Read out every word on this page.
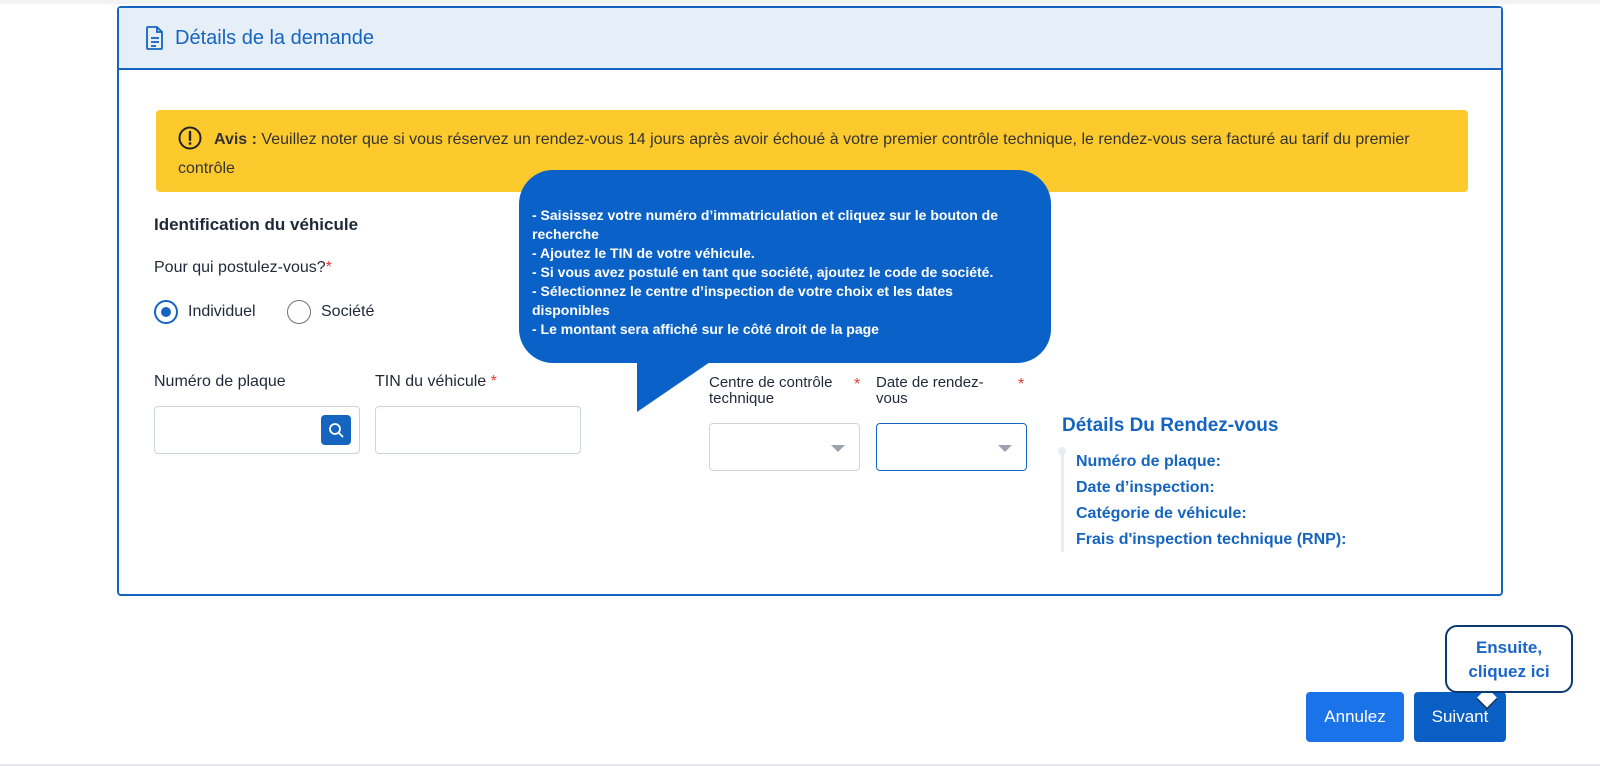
Détails de la demande
Avis : Veuillez noter que si vous réservez un rendez-vous 14 jours après avoir échoué à votre premier contrôle technique, le rendez-vous sera facturé au tarif du premier contrôle
Identification du véhicule
Pour qui postulez-vous?*
Individuel	Société
Numéro de plaque	TIN du véhicule *	Centre de contrôle technique
* Date de rendez-vous
*
Détails Du Rendez-vous
Numéro de plaque:
Date d’inspection:
Catégorie de véhicule:
Frais d'inspection technique (RNP):
- Saisissez votre numéro d’immatriculation et cliquez sur le bouton de recherche
- Ajoutez le TIN de votre véhicule.
- Si vous avez postulé en tant que société, ajoutez le code de société.
- Sélectionnez le centre d’inspection de votre choix et les dates disponibles
- Le montant sera affiché sur le côté droit de la page
Annulez	Suivant
Ensuite,
cliquez ici
